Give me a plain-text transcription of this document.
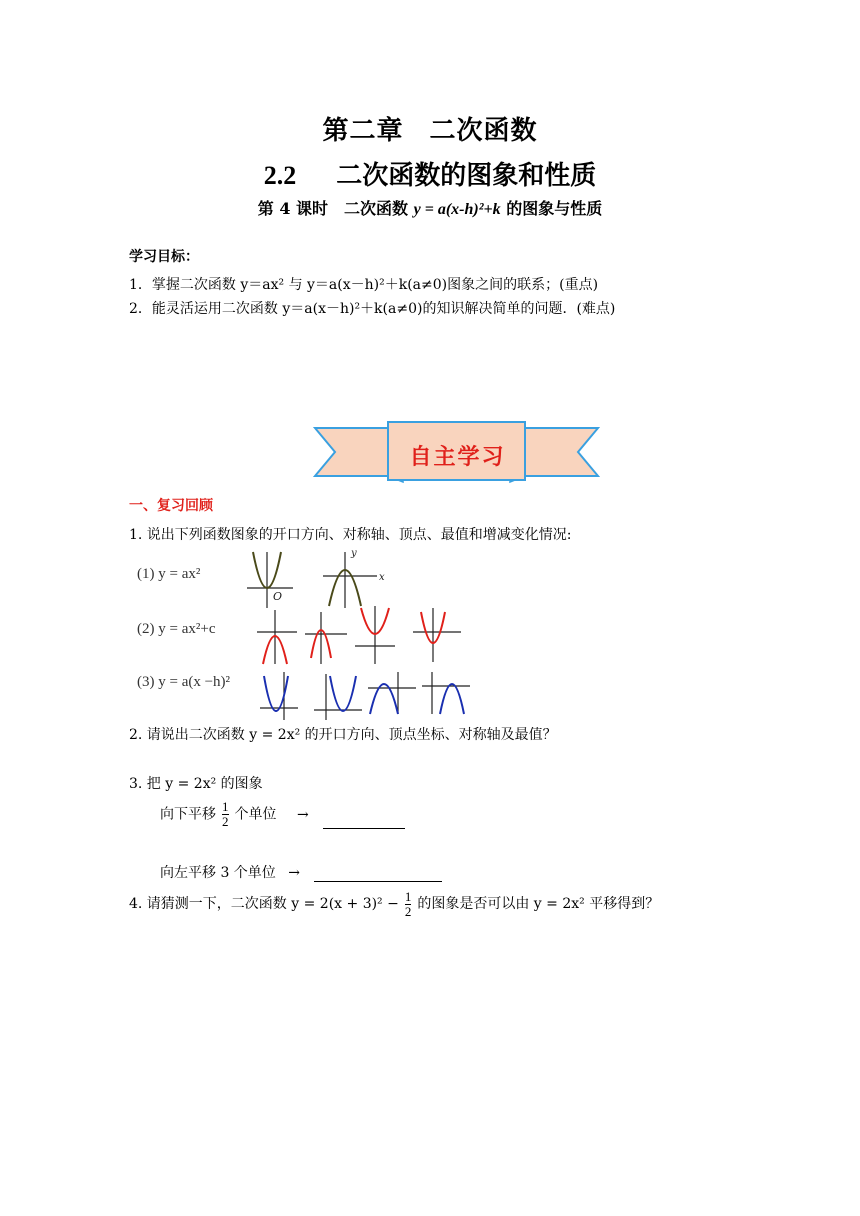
第二章 二次函数
2.2 二次函数的图象和性质
第 4 课时 二次函数 y = a(x-h)²+k 的图象与性质
学习目标：
1．掌握二次函数 y＝ax² 与 y＝a(x－h)²＋k(a≠0)图象之间的联系；(重点)
2．能灵活运用二次函数 y＝a(x－h)²＋k(a≠0)的知识解决简单的问题．(难点)
自主学习
一、复习回顾
1. 说出下列函数图象的开口方向、对称轴、顶点、最值和增减变化情况:
(1) y = ax²
O
y
x
(2) y = ax²+c
(3) y = a(x −h)²
2. 请说出二次函数 y = 2x² 的开口方向、顶点坐标、对称轴及最值？
3. 把 y = 2x² 的图象
向下平移 $\frac{1}{2}$ 个单位 →
向左平移 3 个单位 →
4. 请猜测一下，二次函数 $y = 2(x + 3)^2 - \frac{1}{2}$ 的图象是否可以由 y = 2x² 平移得到？
